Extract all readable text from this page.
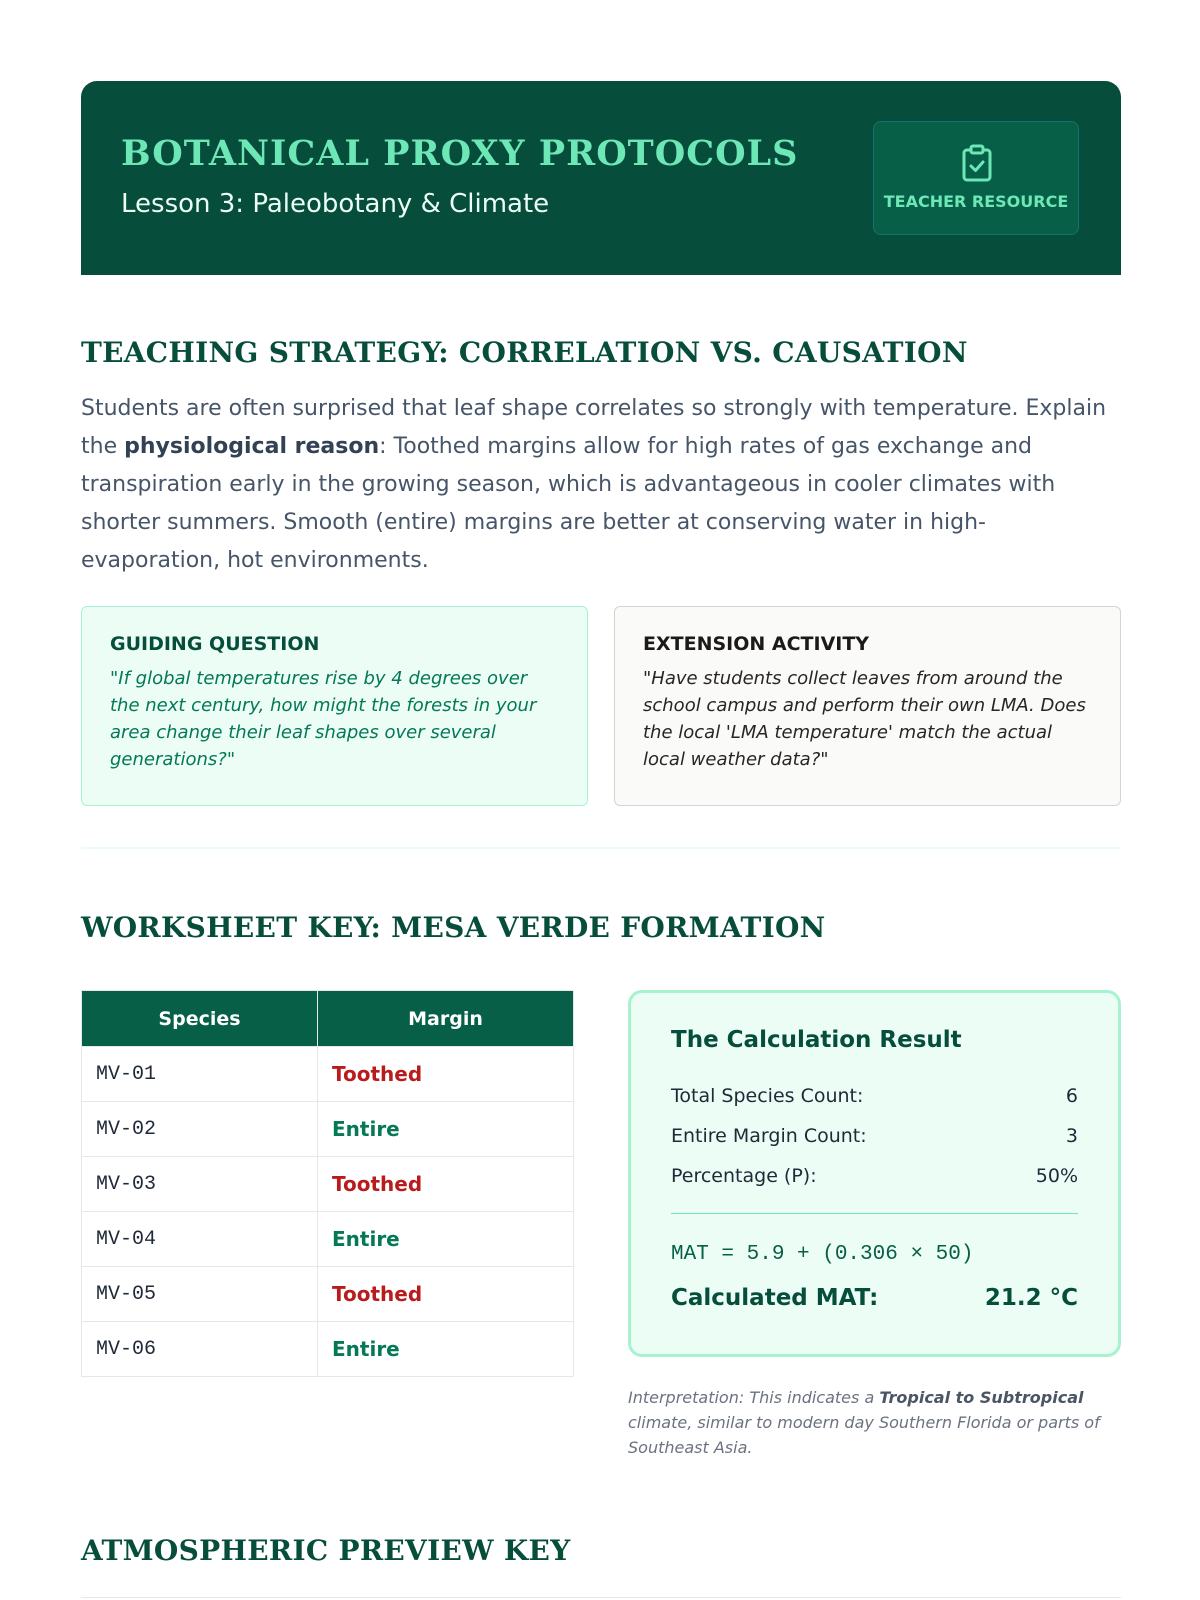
BOTANICAL PROXY PROTOCOLS

Lesson 3: Paleobotany & Climate	TEACHER RESOURCE
TEACHING STRATEGY: CORRELATION VS. CAUSATION

Students are often surprised that leaf shape correlates so strongly with temperature. Explain the physiological reason: Toothed margins allow for high rates of gas exchange and transpiration early in the growing season, which is advantageous in cooler climates with shorter summers. Smooth (entire) margins are better at conserving water in high-evaporation, hot environments.

GUIDING QUESTION

"If global temperatures rise by 4 degrees over the next century, how might the forests in your area change their leaf shapes over several generations?"

EXTENSION ACTIVITY

"Have students collect leaves from around the school campus and perform their own LMA. Does the local 'LMA temperature' match the actual local weather data?"

WORKSHEET KEY: MESA VERDE FORMATION
Species	Margin
MV-01	Toothed
MV-02	Entire
MV-03	Toothed
MV-04	Entire
MV-05	Toothed
MV-06	Entire
The Calculation Result
Total Species Count:	6
Entire Margin Count:	3
Percentage (P):	50%
MAT = 5.9 + (0.306 × 50)
Calculated MAT:	21.2 °C

Interpretation: This indicates a Tropical to Subtropical climate, similar to modern day Southern Florida or parts of Southeast Asia.

ATMOSPHERIC PREVIEW KEY
